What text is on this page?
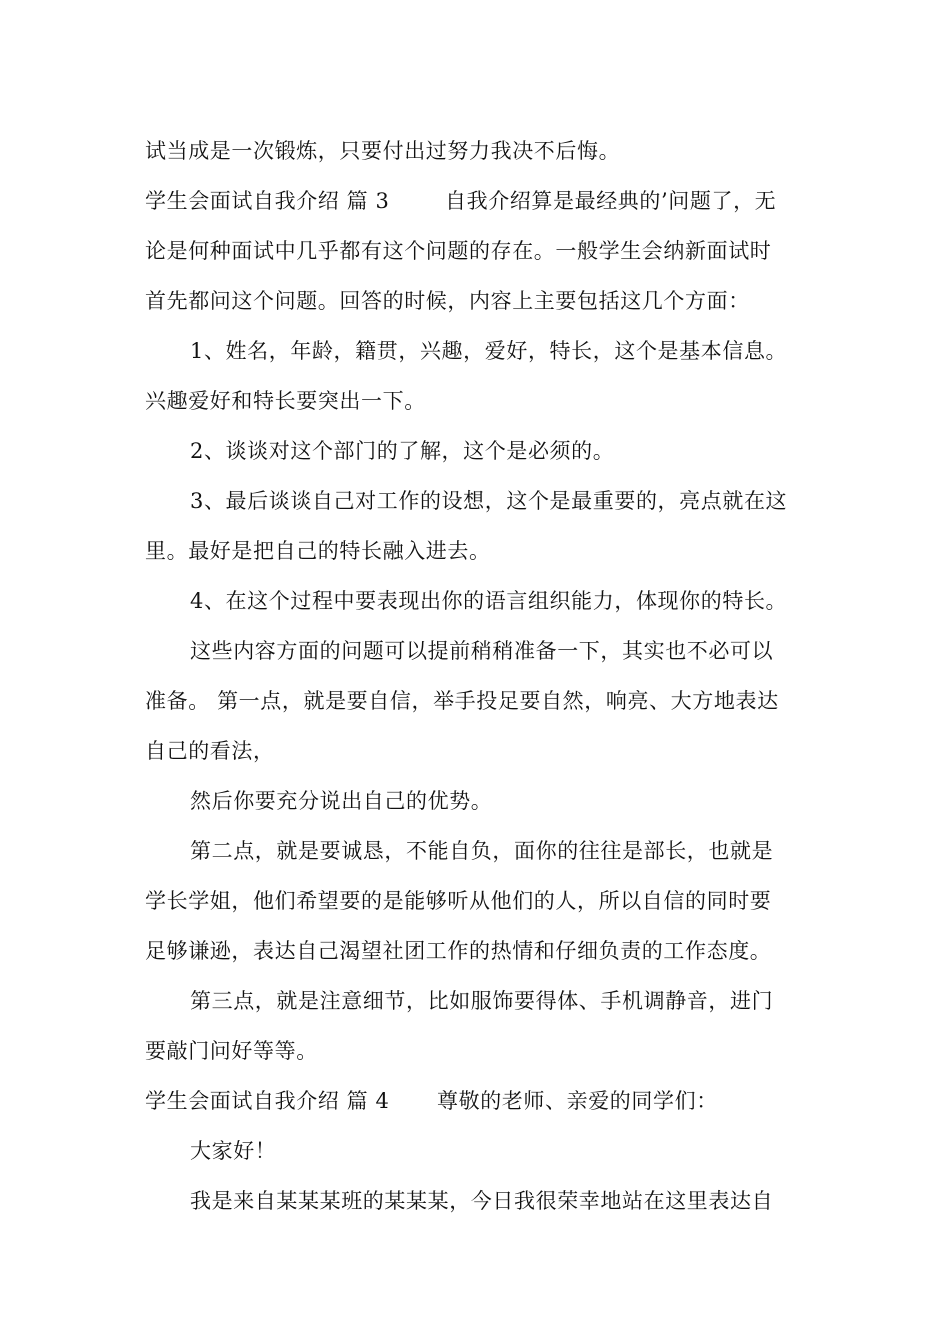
试当成是一次锻炼，只要付出过努力我决不后悔。
学生会面试自我介绍 篇 3	自我介绍算是最经典的’问题了，无
论是何种面试中几乎都有这个问题的存在。一般学生会纳新面试时
首先都问这个问题。回答的时候，内容上主要包括这几个方面：
1、姓名，年龄，籍贯，兴趣，爱好，特长，这个是基本信息。
兴趣爱好和特长要突出一下。
2、谈谈对这个部门的了解，这个是必须的。
3、最后谈谈自己对工作的设想，这个是最重要的，亮点就在这
里。最好是把自己的特长融入进去。
4、在这个过程中要表现出你的语言组织能力，体现你的特长。
这些内容方面的问题可以提前稍稍准备一下，其实也不必可以
准备。 第一点，就是要自信，举手投足要自然，响亮、大方地表达
自己的看法，
然后你要充分说出自己的优势。
第二点，就是要诚恳，不能自负，面你的往往是部长，也就是
学长学姐，他们希望要的是能够听从他们的人，所以自信的同时要
足够谦逊，表达自己渴望社团工作的热情和仔细负责的工作态度。
第三点，就是注意细节，比如服饰要得体、手机调静音，进门
要敲门问好等等。
学生会面试自我介绍 篇 4 尊敬的老师、亲爱的同学们：
大家好！
我是来自某某某班的某某某，今日我很荣幸地站在这里表达自
